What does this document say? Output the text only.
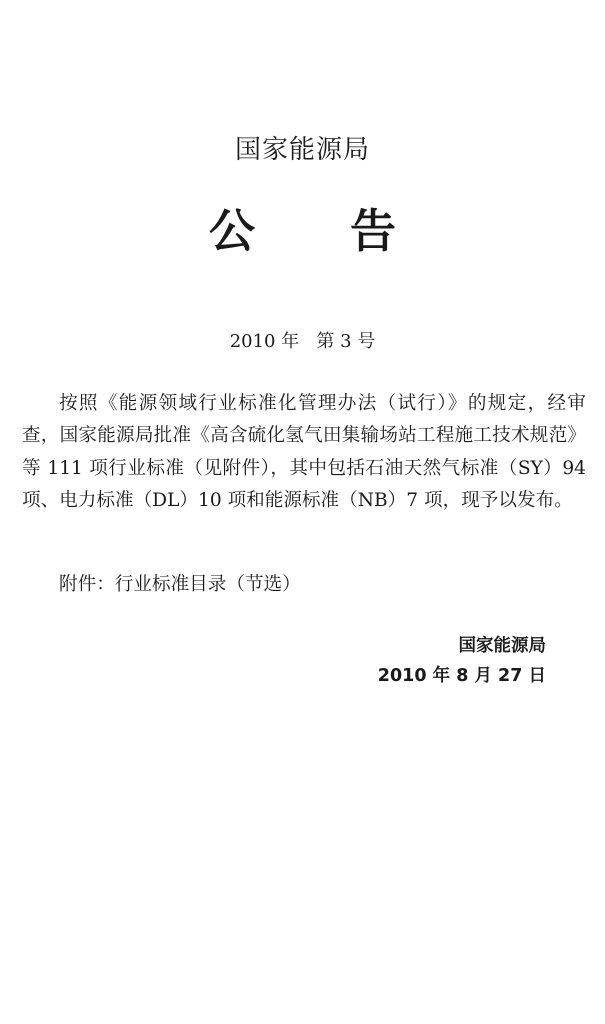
国家能源局
公 告
2010 年   第 3 号

按照《能源领域行业标准化管理办法（试行）》的规定，经审查，国家能源局批准《高含硫化氢气田集输场站工程施工技术规范》等 111 项行业标准（见附件），其中包括石油天然气标准（SY）94 项、电力标准（DL）10 项和能源标准（NB）7 项，现予以发布。

附件：行业标准目录（节选）
国家能源局
2010 年 8 月 27 日
